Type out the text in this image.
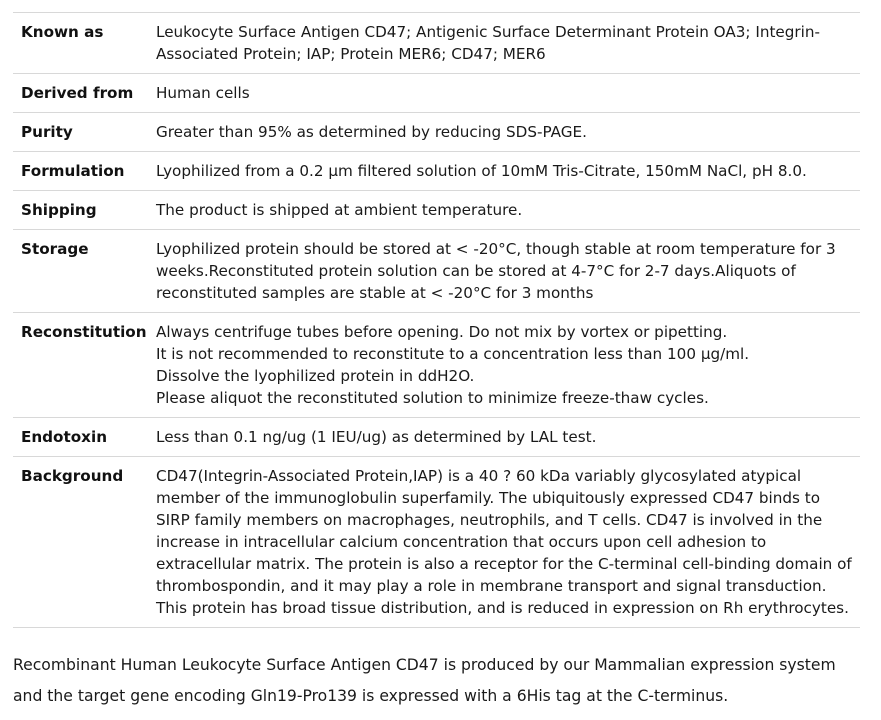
Known as	Leukocyte Surface Antigen CD47; Antigenic Surface Determinant Protein OA3; Integrin-Associated Protein; IAP; Protein MER6; CD47; MER6
Derived from	Human cells
Purity	Greater than 95% as determined by reducing SDS-PAGE.
Formulation	Lyophilized from a 0.2 μm filtered solution of 10mM Tris-Citrate, 150mM NaCl, pH 8.0.
Shipping	The product is shipped at ambient temperature.
Storage	Lyophilized protein should be stored at < -20°C, though stable at room temperature for 3 weeks.Reconstituted protein solution can be stored at 4-7°C for 2-7 days.Aliquots of reconstituted samples are stable at < -20°C for 3 months
Reconstitution	Always centrifuge tubes before opening. Do not mix by vortex or pipetting.
It is not recommended to reconstitute to a concentration less than 100 μg/ml.
Dissolve the lyophilized protein in ddH2O.
Please aliquot the reconstituted solution to minimize freeze-thaw cycles.

Endotoxin	Less than 0.1 ng/ug (1 IEU/ug) as determined by LAL test.
Background	CD47(Integrin-Associated Protein,IAP) is a 40 ? 60 kDa variably glycosylated atypical member of the immunoglobulin superfamily. The ubiquitously expressed CD47 binds to SIRP family members on macrophages, neutrophils, and T cells. CD47 is involved in the increase in intracellular calcium concentration that occurs upon cell adhesion to extracellular matrix. The protein is also a receptor for the C-terminal cell-binding domain of thrombospondin, and it may play a role in membrane transport and signal transduction. This protein has broad tissue distribution, and is reduced in expression on Rh erythrocytes.

Recombinant Human Leukocyte Surface Antigen CD47 is produced by our Mammalian expression system and the target gene encoding Gln19-Pro139 is expressed with a 6His tag at the C-terminus.
